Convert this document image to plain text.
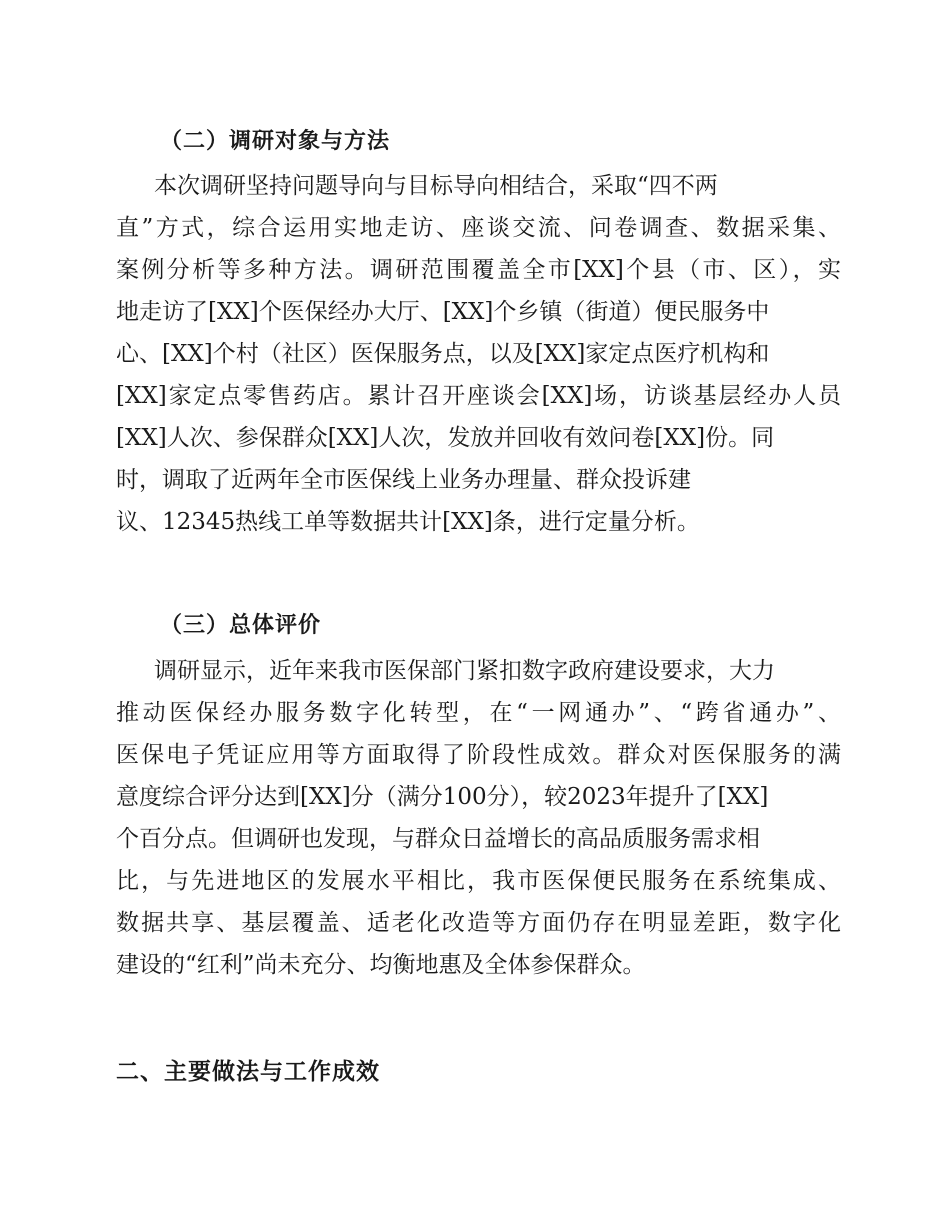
（二）调研对象与方法
本次调研坚持问题导向与目标导向相结合，采取“四不两
直”方式，综合运用实地走访、座谈交流、问卷调查、数据采集、
案例分析等多种方法。调研范围覆盖全市[XX]个县（市、区），实
地走访了[XX]个医保经办大厅、[XX]个乡镇（街道）便民服务中
心、[XX]个村（社区）医保服务点，以及[XX]家定点医疗机构和
[XX]家定点零售药店。累计召开座谈会[XX]场，访谈基层经办人员
[XX]人次、参保群众[XX]人次，发放并回收有效问卷[XX]份。同
时，调取了近两年全市医保线上业务办理量、群众投诉建
议、12345热线工单等数据共计[XX]条，进行定量分析。
（三）总体评价
调研显示，近年来我市医保部门紧扣数字政府建设要求，大力
推动医保经办服务数字化转型，在“一网通办”、“跨省通办”、
医保电子凭证应用等方面取得了阶段性成效。群众对医保服务的满
意度综合评分达到[XX]分（满分100分），较2023年提升了[XX]
个百分点。但调研也发现，与群众日益增长的高品质服务需求相
比，与先进地区的发展水平相比，我市医保便民服务在系统集成、
数据共享、基层覆盖、适老化改造等方面仍存在明显差距，数字化
建设的“红利”尚未充分、均衡地惠及全体参保群众。
二、主要做法与工作成效
